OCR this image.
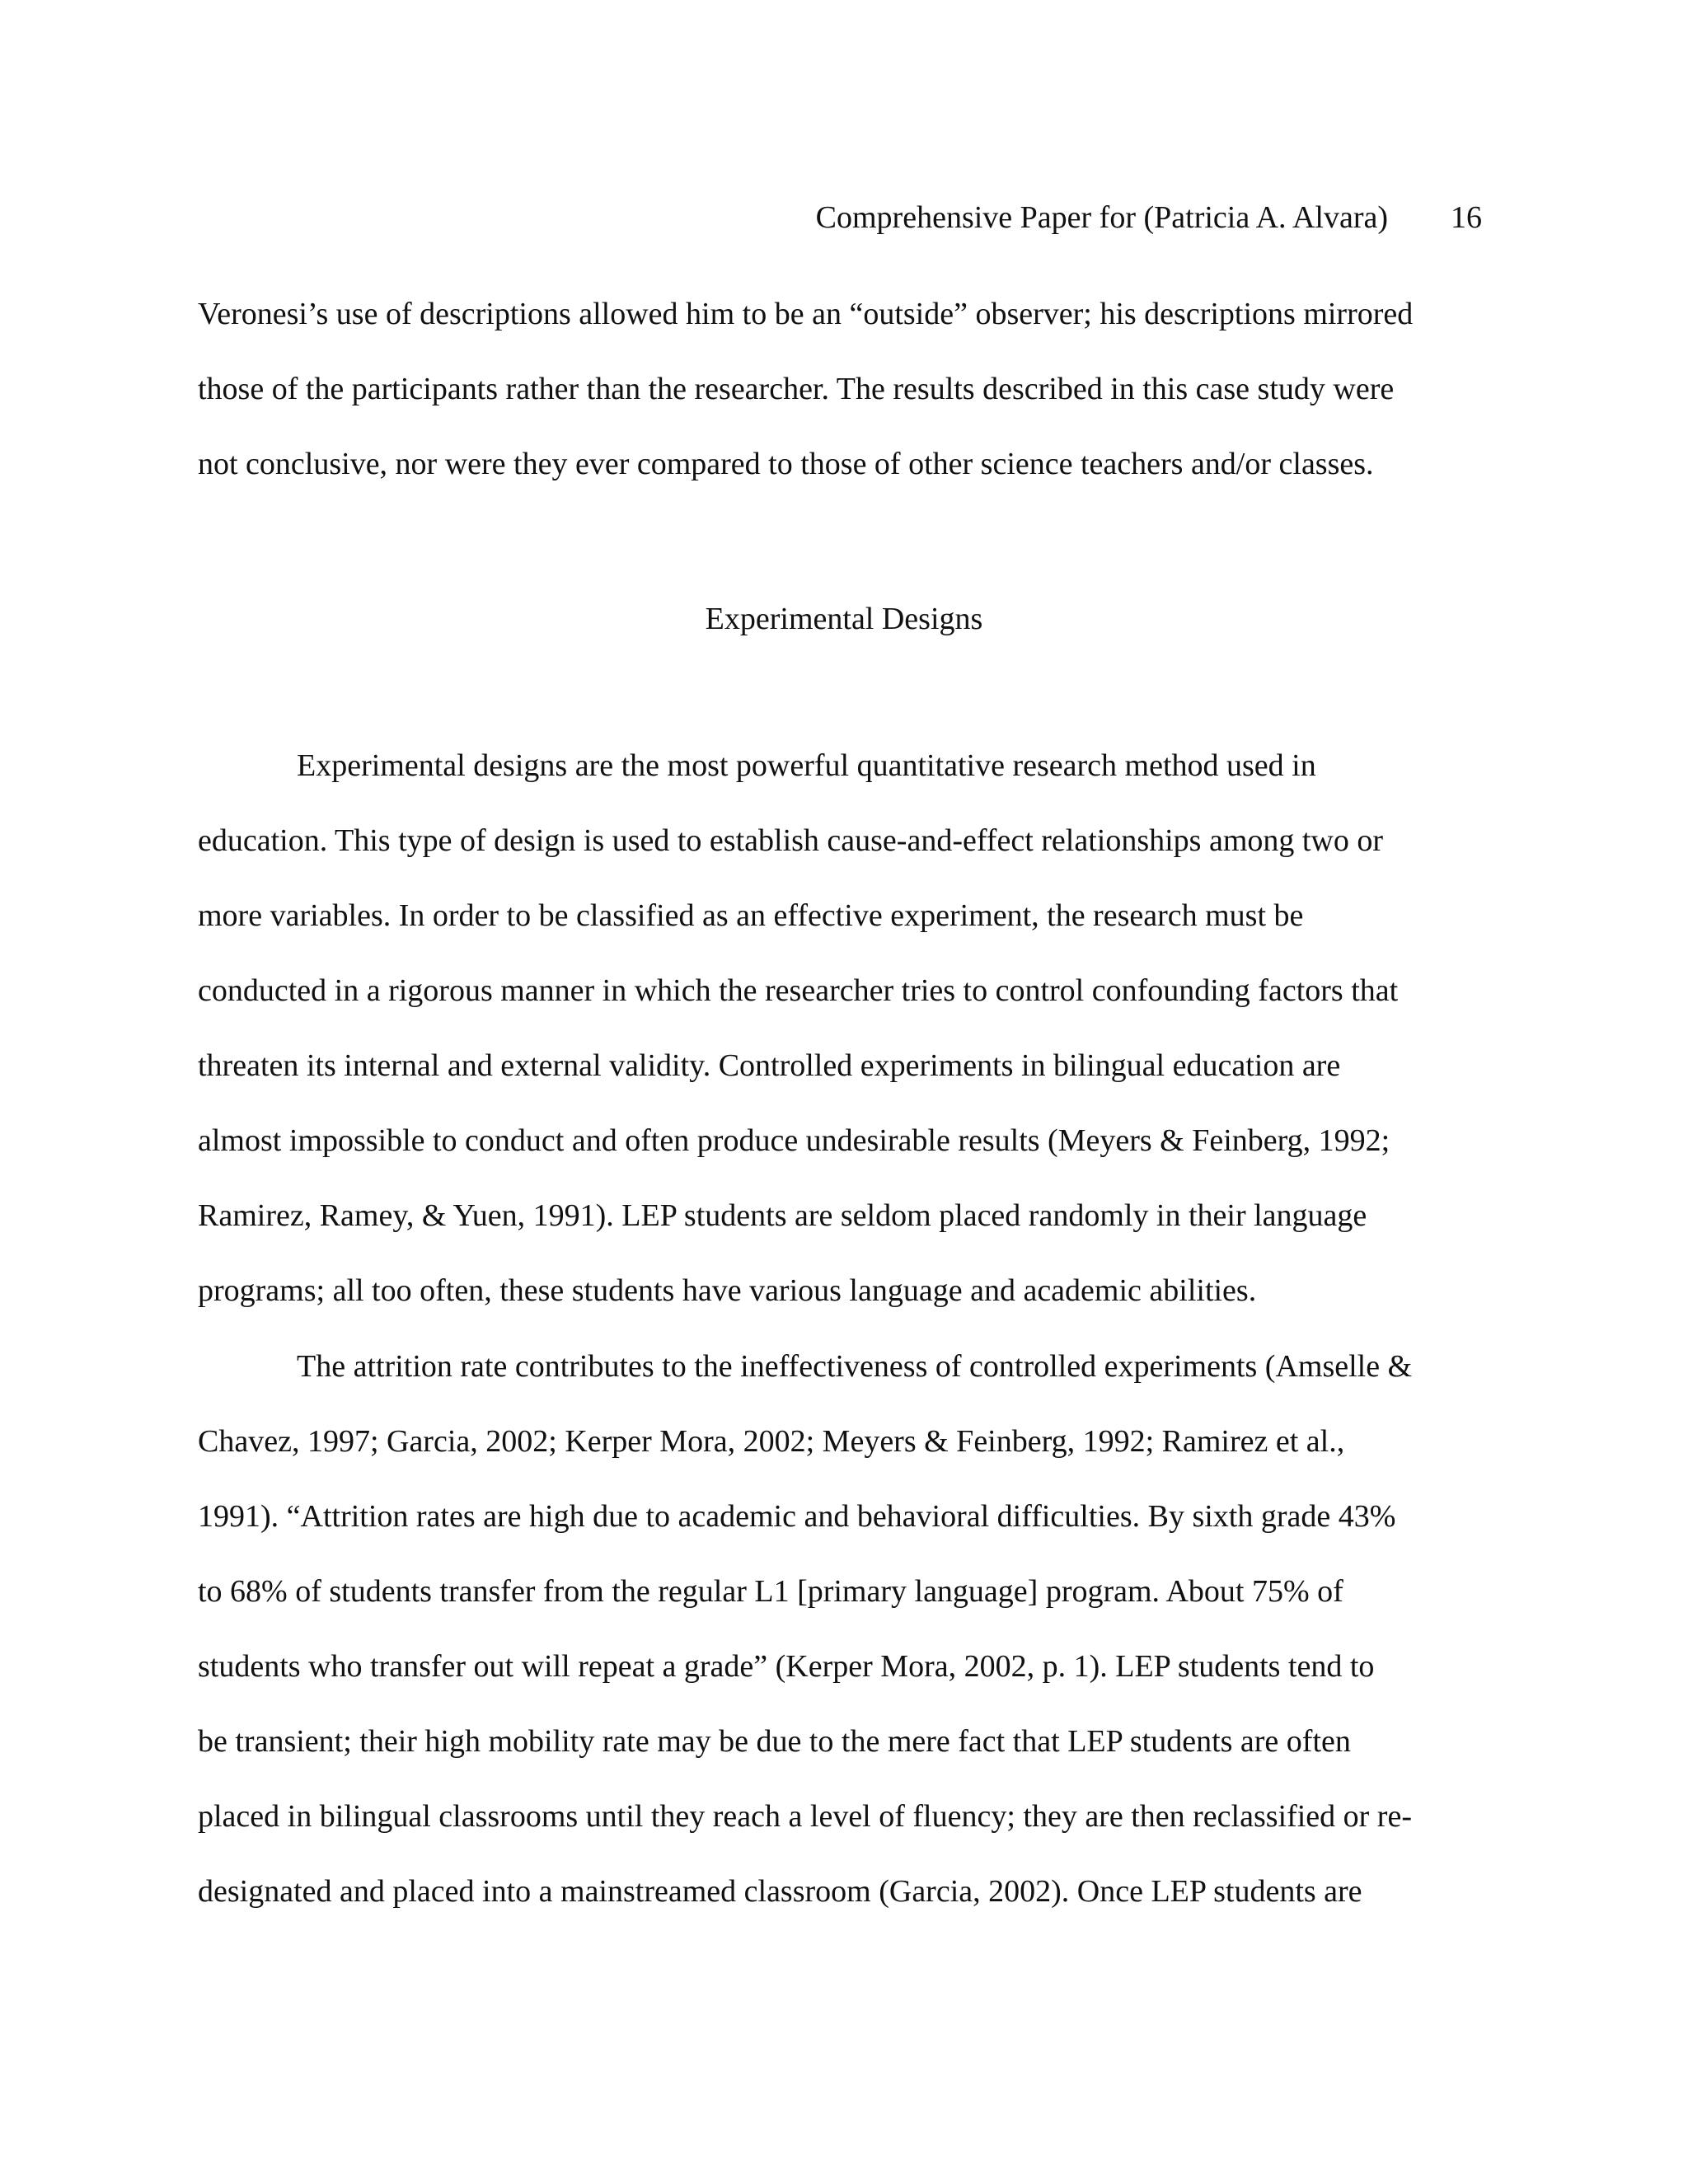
Comprehensive Paper for (Patricia A. Alvara) 16
Veronesi’s use of descriptions allowed him to be an “outside” observer; his descriptions mirrored
those of the participants rather than the researcher. The results described in this case study were
not conclusive, nor were they ever compared to those of other science teachers and/or classes.
Experimental Designs
Experimental designs are the most powerful quantitative research method used in
education. This type of design is used to establish cause-and-effect relationships among two or
more variables. In order to be classified as an effective experiment, the research must be
conducted in a rigorous manner in which the researcher tries to control confounding factors that
threaten its internal and external validity. Controlled experiments in bilingual education are
almost impossible to conduct and often produce undesirable results (Meyers & Feinberg, 1992;
Ramirez, Ramey, & Yuen, 1991). LEP students are seldom placed randomly in their language
programs; all too often, these students have various language and academic abilities.
The attrition rate contributes to the ineffectiveness of controlled experiments (Amselle &
Chavez, 1997; Garcia, 2002; Kerper Mora, 2002; Meyers & Feinberg, 1992; Ramirez et al.,
1991). “Attrition rates are high due to academic and behavioral difficulties. By sixth grade 43%
to 68% of students transfer from the regular L1 [primary language] program. About 75% of
students who transfer out will repeat a grade” (Kerper Mora, 2002, p. 1). LEP students tend to
be transient; their high mobility rate may be due to the mere fact that LEP students are often
placed in bilingual classrooms until they reach a level of fluency; they are then reclassified or re-
designated and placed into a mainstreamed classroom (Garcia, 2002). Once LEP students are
